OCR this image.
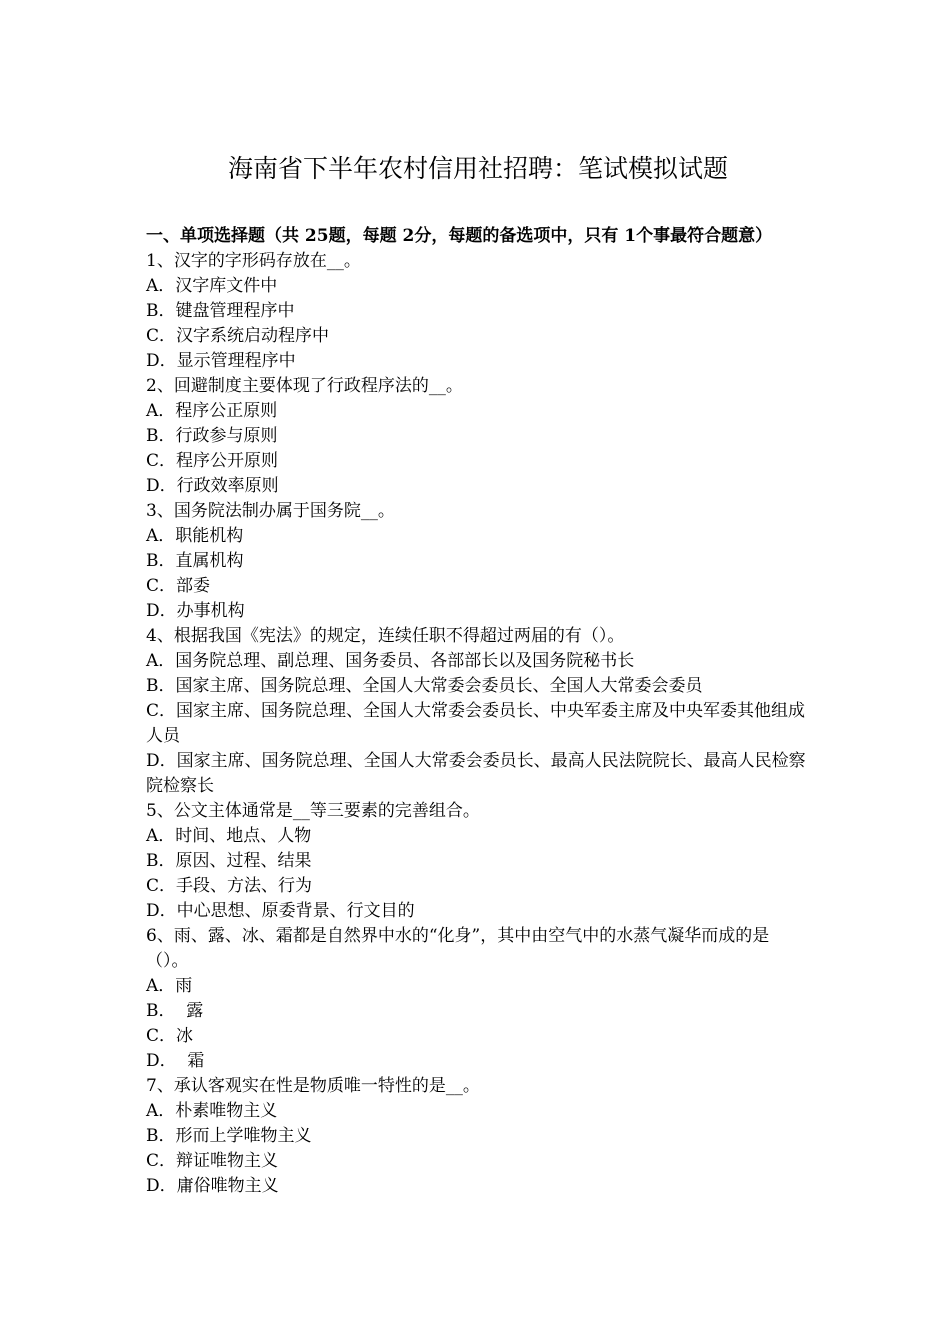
海南省下半年农村信用社招聘：笔试模拟试题
一、单项选择题（共 25题，每题 2分，每题的备选项中，只有 1个事最符合题意）
1、汉字的字形码存放在__。
A．汉字库文件中
B．键盘管理程序中
C．汉字系统启动程序中
D．显示管理程序中
2、回避制度主要体现了行政程序法的__。
A．程序公正原则
B．行政参与原则
C．程序公开原则
D．行政效率原则
3、国务院法制办属于国务院__。
A．职能机构
B．直属机构
C．部委
D．办事机构
4、根据我国《宪法》的规定，连续任职不得超过两届的有（）。
A．国务院总理、副总理、国务委员、各部部长以及国务院秘书长
B．国家主席、国务院总理、全国人大常委会委员长、全国人大常委会委员
C．国家主席、国务院总理、全国人大常委会委员长、中央军委主席及中央军委其他组成人员
D．国家主席、国务院总理、全国人大常委会委员长、最高人民法院院长、最高人民检察院检察长
5、公文主体通常是__等三要素的完善组合。
A．时间、地点、人物
B．原因、过程、结果
C．手段、方法、行为
D．中心思想、原委背景、行文目的
6、雨、露、冰、霜都是自然界中水的“化身”，其中由空气中的水蒸气凝华而成的是（）。
A．雨
B．  露
C．冰
D．  霜
7、承认客观实在性是物质唯一特性的是__。
A．朴素唯物主义
B．形而上学唯物主义
C．辩证唯物主义
D．庸俗唯物主义
